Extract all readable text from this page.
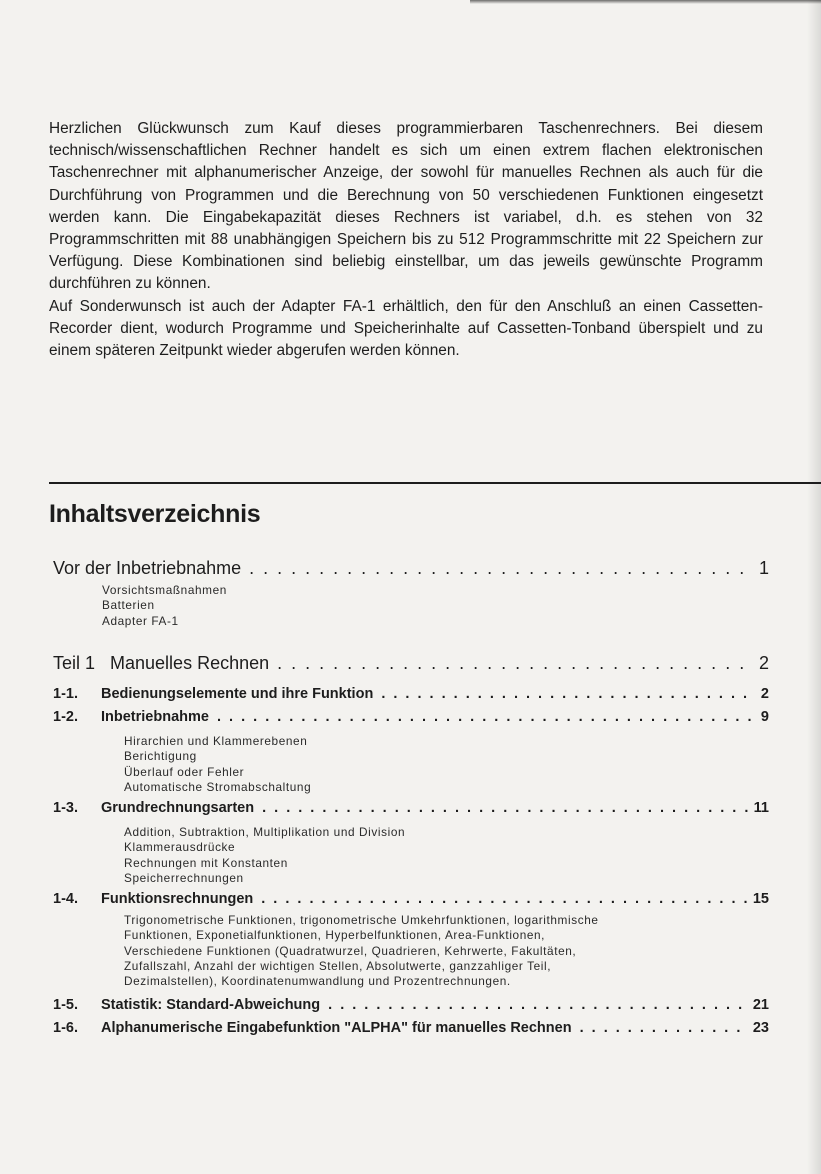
Herzlichen Glückwunsch zum Kauf dieses programmierbaren Taschenrechners. Bei diesem technisch/wissenschaftlichen Rechner handelt es sich um einen extrem flachen elektronischen Taschenrechner mit alphanumerischer Anzeige, der sowohl für manuelles Rechnen als auch für die Durchführung von Programmen und die Berechnung von 50 verschiedenen Funktionen eingesetzt werden kann. Die Eingabekapazität dieses Rechners ist variabel, d.h. es stehen von 32 Programmschritten mit 88 unabhängigen Speichern bis zu 512 Programmschritte mit 22 Speichern zur Verfügung. Diese Kombinationen sind beliebig einstellbar, um das jeweils gewünschte Programm durchführen zu können.

Auf Sonderwunsch ist auch der Adapter FA-1 erhältlich, den für den Anschluß an einen Cassetten-Recorder dient, wodurch Programme und Speicherinhalte auf Cassetten-Tonband überspielt und zu einem späteren Zeitpunkt wieder abgerufen werden können.

Inhaltsverzeichnis
Vor der Inbetriebnahme . . .	1
Vorsichtsmaßnahmen
Batterien
Adapter FA-1
Teil 1   Manuelles Rechnen . . .	2
1-1.	Bedienungselemente und ihre Funktion . . .	2
1-2.	Inbetriebnahme . . .	9
Hirarchien und Klammerebenen
Berichtigung
Überlauf oder Fehler
Automatische Stromabschaltung
1-3.	Grundrechnungsarten . . .	11
Addition, Subtraktion, Multiplikation und Division
Klammerausdrücke
Rechnungen mit Konstanten
Speicherrechnungen
1-4.	Funktionsrechnungen . . .	15
Trigonometrische Funktionen, trigonometrische Umkehrfunktionen, logarithmische
Funktionen, Exponetialfunktionen, Hyperbelfunktionen, Area-Funktionen,
Verschiedene Funktionen (Quadratwurzel, Quadrieren, Kehrwerte, Fakultäten,
Zufallszahl, Anzahl der wichtigen Stellen, Absolutwerte, ganzzahliger Teil,
Dezimalstellen), Koordinatenumwandlung und Prozentrechnungen.
1-5.	Statistik: Standard-Abweichung . . .	21
1-6.	Alphanumerische Eingabefunktion "ALPHA" für manuelles Rechnen . . .	23
